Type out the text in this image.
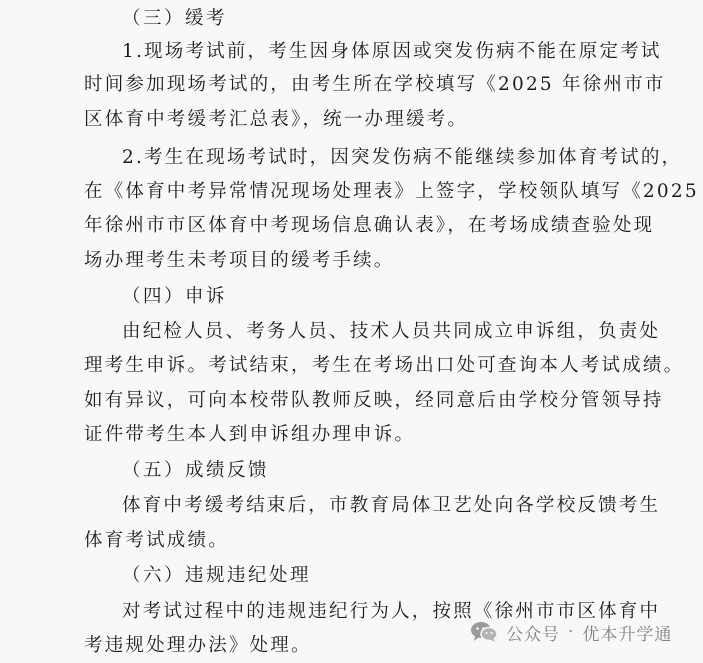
（三）缓考
1.现场考试前，考生因身体原因或突发伤病不能在原定考试
时间参加现场考试的，由考生所在学校填写《2025 年徐州市市
区体育中考缓考汇总表》，统一办理缓考。
2.考生在现场考试时，因突发伤病不能继续参加体育考试的，
在《体育中考异常情况现场处理表》上签字，学校领队填写《2025
年徐州市市区体育中考现场信息确认表》，在考场成绩查验处现
场办理考生未考项目的缓考手续。
（四）申诉
由纪检人员、考务人员、技术人员共同成立申诉组，负责处
理考生申诉。考试结束，考生在考场出口处可查询本人考试成绩。
如有异议，可向本校带队教师反映，经同意后由学校分管领导持
证件带考生本人到申诉组办理申诉。
（五）成绩反馈
体育中考缓考结束后，市教育局体卫艺处向各学校反馈考生
体育考试成绩。
（六）违规违纪处理
对考试过程中的违规违纪行为人，按照《徐州市市区体育中
考违规处理办法》处理。
公众号 · 优本升学通
